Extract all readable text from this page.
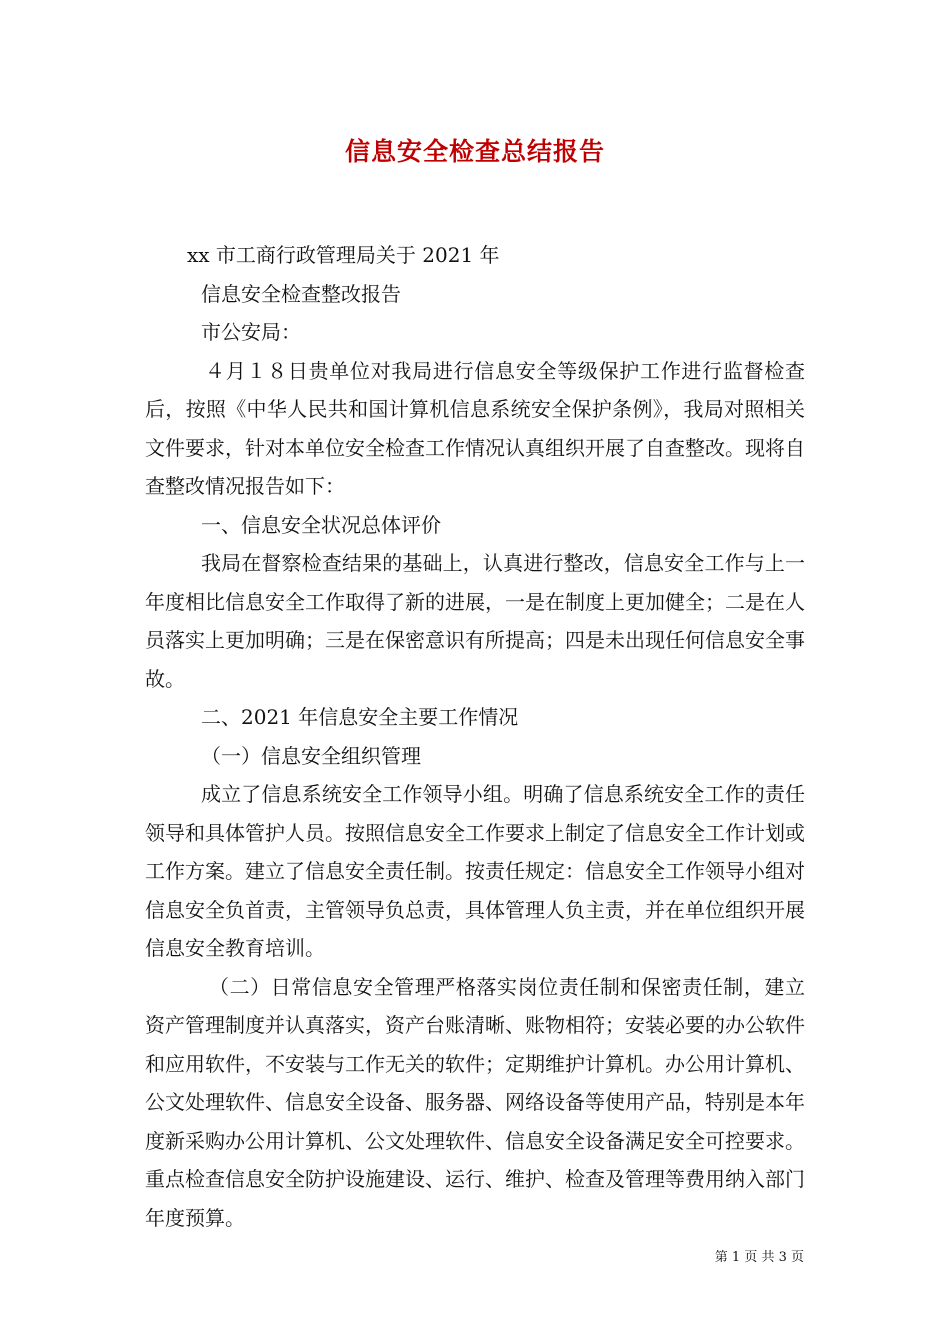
信息安全检查总结报告

xx 市工商行政管理局关于 2021 年

信息安全检查整改报告

市公安局：

４月１８日贵单位对我局进行信息安全等级保护工作进行监督检查后，按照《中华人民共和国计算机信息系统安全保护条例》，我局对照相关文件要求，针对本单位安全检查工作情况认真组织开展了自查整改。现将自查整改情况报告如下：

一、信息安全状况总体评价

我局在督察检查结果的基础上，认真进行整改，信息安全工作与上一年度相比信息安全工作取得了新的进展，一是在制度上更加健全；二是在人员落实上更加明确；三是在保密意识有所提高；四是未出现任何信息安全事故。

二、2021 年信息安全主要工作情况

（一）信息安全组织管理

成立了信息系统安全工作领导小组。明确了信息系统安全工作的责任领导和具体管护人员。按照信息安全工作要求上制定了信息安全工作计划或工作方案。建立了信息安全责任制。按责任规定：信息安全工作领导小组对信息安全负首责，主管领导负总责，具体管理人负主责，并在单位组织开展信息安全教育培训。

（二）日常信息安全管理严格落实岗位责任制和保密责任制，建立资产管理制度并认真落实，资产台账清晰、账物相符；安装必要的办公软件和应用软件，不安装与工作无关的软件；定期维护计算机。办公用计算机、公文处理软件、信息安全设备、服务器、网络设备等使用产品，特别是本年度新采购办公用计算机、公文处理软件、信息安全设备满足安全可控要求。重点检查信息安全防护设施建设、运行、维护、检查及管理等费用纳入部门年度预算。

第 1 页 共 3 页
